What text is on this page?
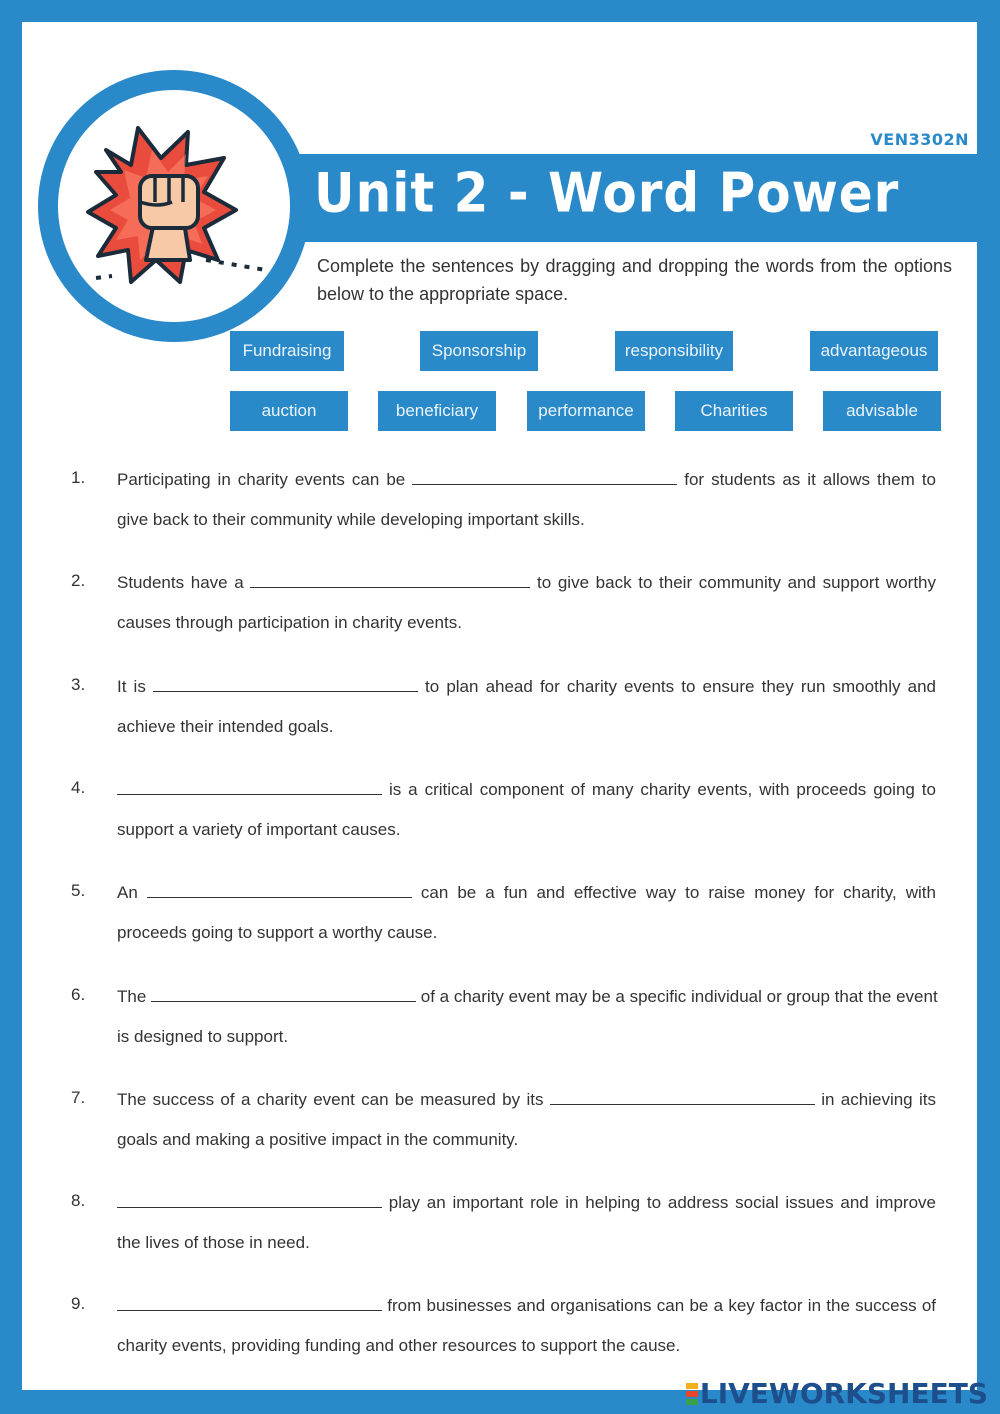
Unit 2 - Word Power
VEN3302N
Complete the sentences by dragging and dropping the words from the options below to the appropriate space.
Fundraising	Sponsorship	responsibility	advantageous
auction	beneficiary	performance	Charities	advisable
1. Participating in charity events can be	for students as it allows them to
give back to their community while developing important skills.
2. Students have a	to give back to their community and support worthy
causes through participation in charity events.
3. It is	to plan ahead for charity events to ensure they run smoothly and
achieve their intended goals.
4.	is a critical component of many charity events, with proceeds going to
support a variety of important causes.
5. An	can be a fun and effective way to raise money for charity, with
proceeds going to support a worthy cause.
6. The	of a charity event may be a specific individual or group that the event
is designed to support.
7. The success of a charity event can be measured by its	in achieving its
goals and making a positive impact in the community.
8.	play an important role in helping to address social issues and improve
the lives of those in need.
9.	from businesses and organisations can be a key factor in the success of
charity events, providing funding and other resources to support the cause.
LIVEWORKSHEETS
